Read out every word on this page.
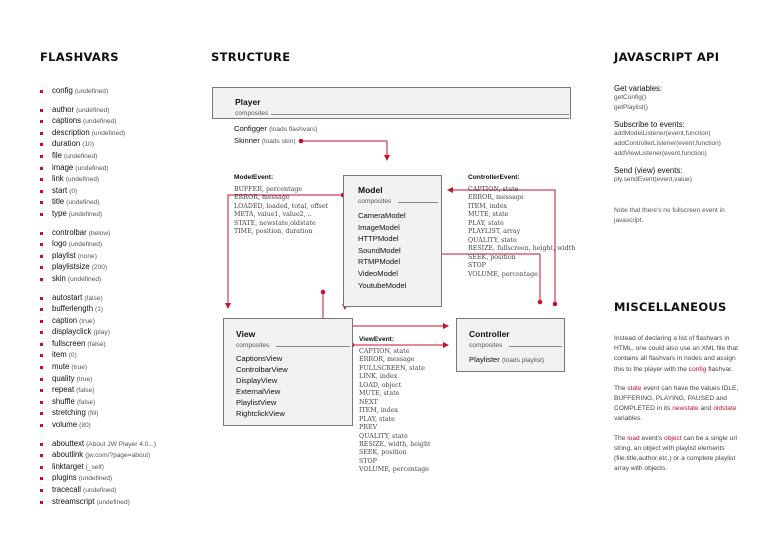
FLASHVARS	STRUCTURE	JAVASCRIPT API
MISCELLANEOUS
config (undefined)
author (undefined)
captions (undefined)
description (undefined)
duration (10)
file (undefined)
image (undefined)
link (undefined)
start (0)
title (undefined)
type (undefined)
controlbar (below)
logo (undefined)
playlist (none)
playlistsize (200)
skin (undefined)
autostart (false)
bufferlength (1)
caption (true)
displayclick (play)
fullscreen (false)
item (0)
mute (true)
quality (true)
repeat (false)
shuffle (false)
stretching (fill)
volume (80)
abouttext (About JW Player 4.0...)
aboutlink (jw.com/?page=about)
linktarget (_self)
plugins (undefined)
tracecall (undefined)
streamscript (undefined)
Player
composites
Configger (loads flashvars)
Skinner (loads skin)
Model
composites
CameraModel
ImageModel
HTTPModel
SoundModel
RTMPModel
VideoModel
YoutubeModel
View
composites
CaptionsView
ControlbarView
DisplayView
ExternalView
PlaylistView
RightclickView
Controller
composites
Playlister (loads playlist)
ModelEvent:
BUFFER, percentage
ERROR, message
LOADED, loaded, total, offset
META, value1, value2, ..
STATE, newstate,oldstate
TIME, position, duration
ControllerEvent:
CAPTION, state
ERROR, message
ITEM, index
MUTE, state
PLAY, state
PLAYLIST, array
QUALITY, state
RESIZE, fullscreen, height, width
SEEK, position
STOP
VOLUME, percentage
ViewEvent:
CAPTION, state
ERROR, message
FULLSCREEN, state
LINK, index
LOAD, object
MUTE, state
NEXT
ITEM, index
PLAY, state
PREV
QUALITY, state
RESIZE, width, height
SEEK, position
STOP
VOLUME, percentage
Get variables:
getConfig()
getPlaylist()
Subscribe to events:
addModelListener(event,function)
addControllerListener(event,function)
addViewListener(event,function)
Send (view) events:
ply.sendEvent(event,value)
Note that there's no fullscreen event in javascript.

Instead of declaring a list of flashvars in HTML, one could also use an XML file that contains all flashvars in nodes and assign this to the player with the config flashvar.

The state event can have the values IDLE, BUFFERING, PLAYING, PAUSED and COMPLETED in its newstate and oldstate variables.

The load event's object can be a single url string, an object with playlist elements (file,title,author,etc.) or a complete playlist array with objects.
